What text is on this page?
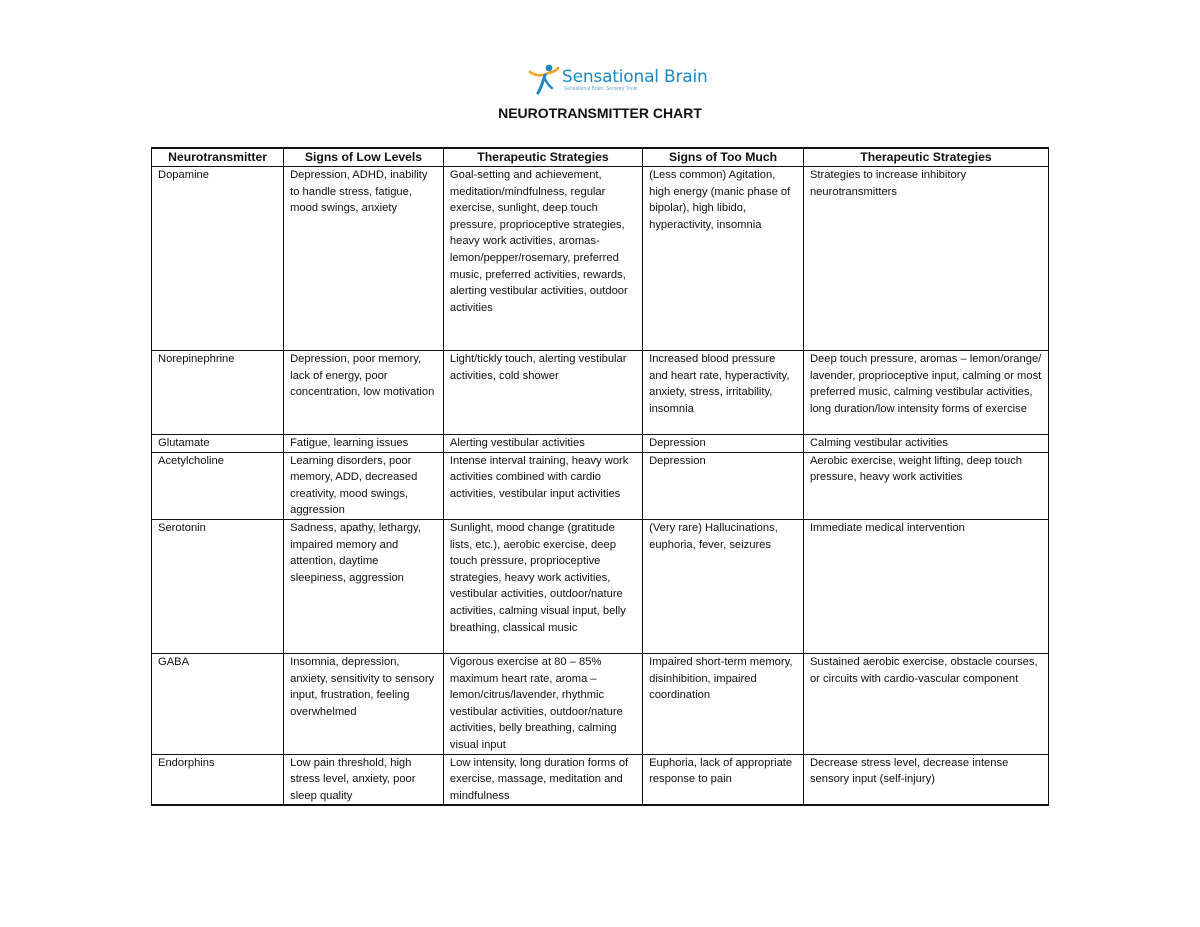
Sensational Brain
Sensational Brain: Sensory Tools
NEUROTRANSMITTER CHART
Neurotransmitter	Signs of Low Levels	Therapeutic Strategies	Signs of Too Much	Therapeutic Strategies
Dopamine	Depression, ADHD, inability to handle stress, fatigue, mood swings, anxiety	Goal-setting and achievement, meditation/mindfulness, regular exercise, sunlight, deep touch pressure, proprioceptive strategies, heavy work activities, aromas- lemon/pepper/rosemary, preferred music, preferred activities, rewards, alerting vestibular activities, outdoor activities	(Less common) Agitation, high energy (manic phase of bipolar), high libido, hyperactivity, insomnia	Strategies to increase inhibitory neurotransmitters
Norepinephrine	Depression, poor memory, lack of energy, poor concentration, low motivation	Light/tickly touch, alerting vestibular activities, cold shower	Increased blood pressure and heart rate, hyperactivity, anxiety, stress, irritability, insomnia	Deep touch pressure, aromas – lemon/orange/ lavender, proprioceptive input, calming or most preferred music, calming vestibular activities, long duration/low intensity forms of exercise
Glutamate	Fatigue, learning issues	Alerting vestibular activities	Depression	Calming vestibular activities
Acetylcholine	Learning disorders, poor memory, ADD, decreased creativity, mood swings, aggression	Intense interval training, heavy work activities combined with cardio activities, vestibular input activities	Depression	Aerobic exercise, weight lifting, deep touch pressure, heavy work activities
Serotonin	Sadness, apathy, lethargy, impaired memory and attention, daytime sleepiness, aggression	Sunlight, mood change (gratitude lists, etc.), aerobic exercise, deep touch pressure, proprioceptive strategies, heavy work activities, vestibular activities, outdoor/nature activities, calming visual input, belly breathing, classical music	(Very rare) Hallucinations, euphoria, fever, seizures	Immediate medical intervention
GABA	Insomnia, depression, anxiety, sensitivity to sensory input, frustration, feeling overwhelmed	Vigorous exercise at 80 – 85% maximum heart rate, aroma – lemon/citrus/lavender, rhythmic vestibular activities, outdoor/nature activities, belly breathing, calming visual input	Impaired short-term memory, disinhibition, impaired coordination	Sustained aerobic exercise, obstacle courses, or circuits with cardio-vascular component
Endorphins	Low pain threshold, high stress level, anxiety, poor sleep quality	Low intensity, long duration forms of exercise, massage, meditation and mindfulness	Euphoria, lack of appropriate response to pain	Decrease stress level, decrease intense sensory input (self-injury)
